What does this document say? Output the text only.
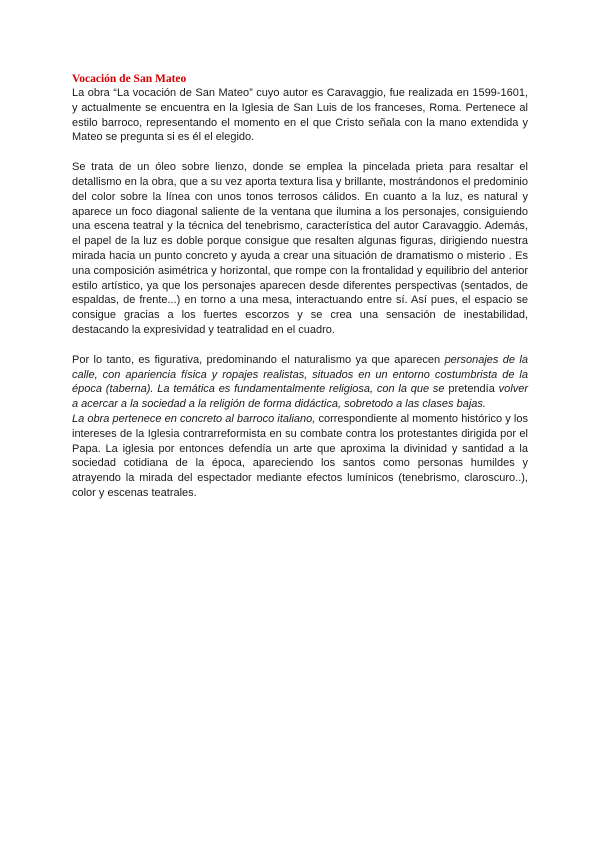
Vocación de San Mateo

La obra “La vocación de San Mateo” cuyo autor es Caravaggio, fue realizada en 1599-1601, y actualmente se encuentra en la Iglesia de San Luis de los franceses, Roma. Pertenece al estilo barroco, representando el momento en el que Cristo señala con la mano extendida y Mateo se pregunta si es él el elegido.

Se trata de un óleo sobre lienzo, donde se emplea la pincelada prieta para resaltar el detallismo en la obra, que a su vez aporta textura lisa y brillante, mostrándonos el predominio del color sobre la línea con unos tonos terrosos cálidos. En cuanto a la luz, es natural y aparece un foco diagonal saliente de la ventana que ilumina a los personajes, consiguiendo una escena teatral y la técnica del tenebrismo, característica del autor Caravaggio. Además, el papel de la luz es doble porque consigue que resalten algunas figuras, dirigiendo nuestra mirada hacia un punto concreto y ayuda a crear una situación de dramatismo o misterio . Es una composición asimétrica y horizontal, que rompe con la frontalidad y equilibrio del anterior estilo artístico, ya que los personajes aparecen desde diferentes perspectivas (sentados, de espaldas, de frente...) en torno a una mesa, interactuando entre sí. Así pues, el espacio se consigue gracias a los fuertes escorzos y se crea una sensación de inestabilidad, destacando la expresividad y teatralidad en el cuadro.

Por lo tanto, es figurativa, predominando el naturalismo ya que aparecen personajes de la calle, con apariencia física y ropajes realistas, situados en un entorno costumbrista de la época (taberna). La temática es fundamentalmente religiosa, con la que se pretendía volver a acercar a la sociedad a la religión de forma didáctica, sobretodo a las clases bajas.

La obra pertenece en concreto al barroco italiano, correspondiente al momento histórico y los intereses de la Iglesia contrarreformista en su combate contra los protestantes dirigida por el Papa. La iglesia por entonces defendía un arte que aproxima la divinidad y santidad a la sociedad cotidiana de la época, apareciendo los santos como personas humildes y atrayendo la mirada del espectador mediante efectos lumínicos (tenebrismo, claroscuro..), color y escenas teatrales.
